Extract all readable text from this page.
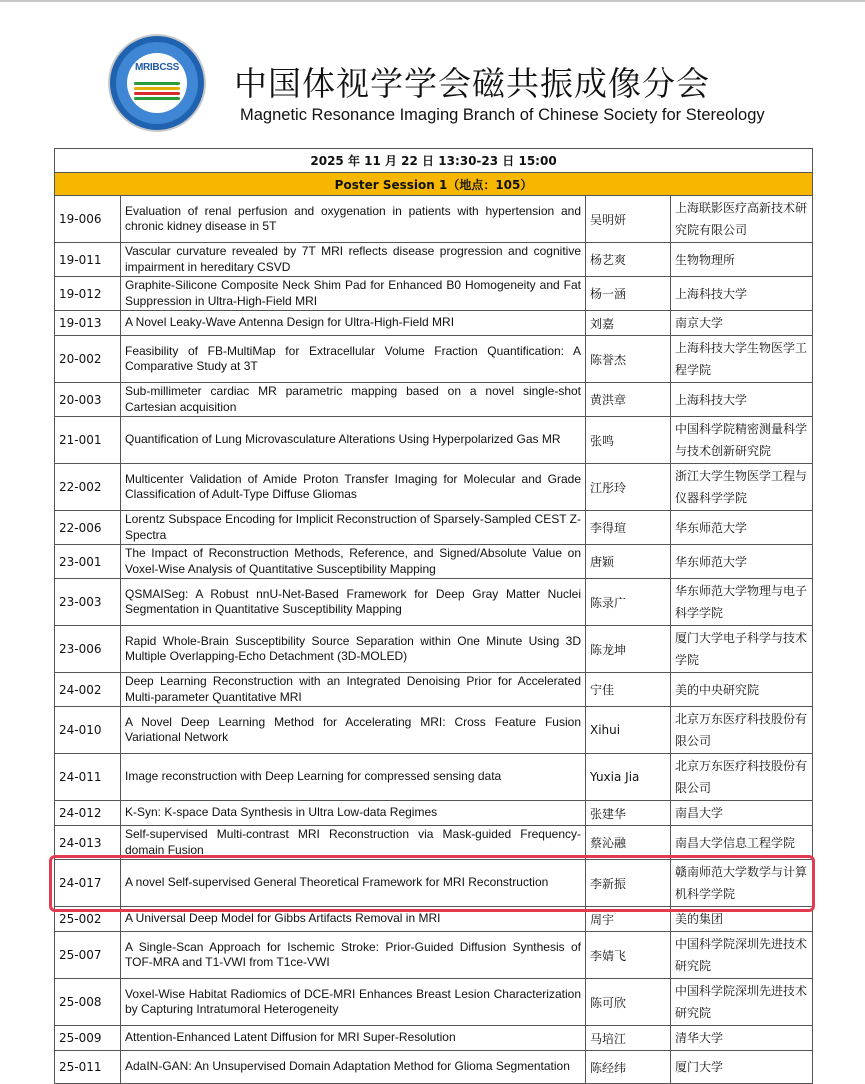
MRIBCSS 中国体视学学会磁共振成像分会
Magnetic Resonance Imaging Branch of Chinese Society for Stereology
2025 年 11 月 22 日 13:30-23 日 15:00			
Poster Session 1（地点：105）			
19-006	Evaluation of renal perfusion and oxygenation in patients with hypertension and chronic kidney disease in 5T	吴明妍	上海联影医疗高新技术研究院有限公司
19-011	Vascular curvature revealed by 7T MRI reflects disease progression and cognitive impairment in hereditary CSVD	杨艺爽	生物物理所
19-012	Graphite-Silicone Composite Neck Shim Pad for Enhanced B0 Homogeneity and Fat Suppression in Ultra-High-Field MRI	杨一涵	上海科技大学
19-013	A Novel Leaky-Wave Antenna Design for Ultra-High-Field MRI	刘嘉	南京大学
20-002	Feasibility of FB-MultiMap for Extracellular Volume Fraction Quantification: A Comparative Study at 3T	陈誉杰	上海科技大学生物医学工程学院
20-003	Sub-millimeter cardiac MR parametric mapping based on a novel single-shot Cartesian acquisition	黄洪章	上海科技大学
21-001	Quantification of Lung Microvasculature Alterations Using Hyperpolarized Gas MR	张鸣	中国科学院精密测量科学与技术创新研究院
22-002	Multicenter Validation of Amide Proton Transfer Imaging for Molecular and Grade Classification of Adult-Type Diffuse Gliomas	江彤玲	浙江大学生物医学工程与仪器科学学院
22-006	Lorentz Subspace Encoding for Implicit Reconstruction of Sparsely-Sampled CEST Z-Spectra	李得瑄	华东师范大学
23-001	The Impact of Reconstruction Methods, Reference, and Signed/Absolute Value on Voxel-Wise Analysis of Quantitative Susceptibility Mapping	唐颖	华东师范大学
23-003	QSMAISeg: A Robust nnU-Net-Based Framework for Deep Gray Matter Nuclei Segmentation in Quantitative Susceptibility Mapping	陈录广	华东师范大学物理与电子科学学院
23-006	Rapid Whole-Brain Susceptibility Source Separation within One Minute Using 3D Multiple Overlapping-Echo Detachment (3D-MOLED)	陈龙坤	厦门大学电子科学与技术学院
24-002	Deep Learning Reconstruction with an Integrated Denoising Prior for Accelerated Multi-parameter Quantitative MRI	宁佳	美的中央研究院
24-010	A Novel Deep Learning Method for Accelerating MRI: Cross Feature Fusion Variational Network	Xihui	北京万东医疗科技股份有限公司
24-011	Image reconstruction with Deep Learning for compressed sensing data	Yuxia Jia	北京万东医疗科技股份有限公司
24-012	K-Syn: K-space Data Synthesis in Ultra Low-data Regimes	张建华	南昌大学
24-013	Self-supervised Multi-contrast MRI Reconstruction via Mask-guided Frequency-domain Fusion	蔡沁融	南昌大学信息工程学院
24-017	A novel Self-supervised General Theoretical Framework for MRI Reconstruction	李新振	赣南师范大学数学与计算机科学学院
25-002	A Universal Deep Model for Gibbs Artifacts Removal in MRI	周宇	美的集团
25-007	A Single-Scan Approach for Ischemic Stroke: Prior-Guided Diffusion Synthesis of TOF-MRA and T1-VWI from T1ce-VWI	李婧飞	中国科学院深圳先进技术研究院
25-008	Voxel-Wise Habitat Radiomics of DCE-MRI Enhances Breast Lesion Characterization by Capturing Intratumoral Heterogeneity	陈可欣	中国科学院深圳先进技术研究院
25-009	Attention-Enhanced Latent Diffusion for MRI Super-Resolution	马培江	清华大学
25-011	AdaIN-GAN: An Unsupervised Domain Adaptation Method for Glioma Segmentation	陈经纬	厦门大学
